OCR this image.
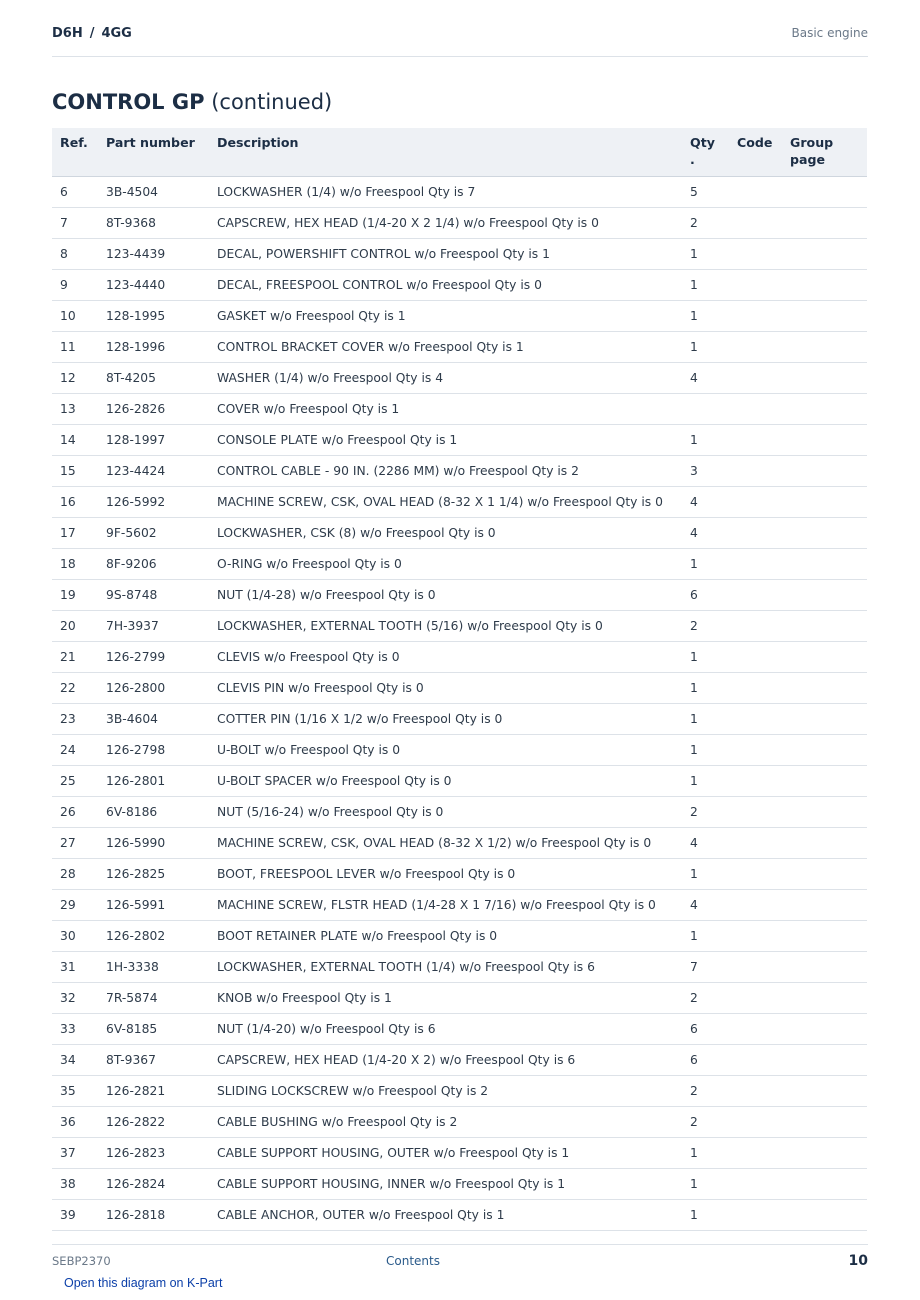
D6H / 4GG	Basic engine
CONTROL GP (continued)
Ref.	Part number	Description	Qty .	Code	Group page
6	3B-4504	LOCKWASHER (1/4) w/o Freespool Qty is 7	5		
7	8T-9368	CAPSCREW, HEX HEAD (1/4-20 X 2 1/4) w/o Freespool Qty is 0	2		
8	123-4439	DECAL, POWERSHIFT CONTROL w/o Freespool Qty is 1	1		
9	123-4440	DECAL, FREESPOOL CONTROL w/o Freespool Qty is 0	1		
10	128-1995	GASKET w/o Freespool Qty is 1	1		
11	128-1996	CONTROL BRACKET COVER w/o Freespool Qty is 1	1		
12	8T-4205	WASHER (1/4) w/o Freespool Qty is 4	4		
13	126-2826	COVER w/o Freespool Qty is 1			
14	128-1997	CONSOLE PLATE w/o Freespool Qty is 1	1		
15	123-4424	CONTROL CABLE - 90 IN. (2286 MM) w/o Freespool Qty is 2	3		
16	126-5992	MACHINE SCREW, CSK, OVAL HEAD (8-32 X 1 1/4) w/o Freespool Qty is 0	4		
17	9F-5602	LOCKWASHER, CSK (8) w/o Freespool Qty is 0	4		
18	8F-9206	O-RING w/o Freespool Qty is 0	1		
19	9S-8748	NUT (1/4-28) w/o Freespool Qty is 0	6		
20	7H-3937	LOCKWASHER, EXTERNAL TOOTH (5/16) w/o Freespool Qty is 0	2		
21	126-2799	CLEVIS w/o Freespool Qty is 0	1		
22	126-2800	CLEVIS PIN w/o Freespool Qty is 0	1		
23	3B-4604	COTTER PIN (1/16 X 1/2 w/o Freespool Qty is 0	1		
24	126-2798	U-BOLT w/o Freespool Qty is 0	1		
25	126-2801	U-BOLT SPACER w/o Freespool Qty is 0	1		
26	6V-8186	NUT (5/16-24) w/o Freespool Qty is 0	2		
27	126-5990	MACHINE SCREW, CSK, OVAL HEAD (8-32 X 1/2) w/o Freespool Qty is 0	4		
28	126-2825	BOOT, FREESPOOL LEVER w/o Freespool Qty is 0	1		
29	126-5991	MACHINE SCREW, FLSTR HEAD (1/4-28 X 1 7/16) w/o Freespool Qty is 0	4		
30	126-2802	BOOT RETAINER PLATE w/o Freespool Qty is 0	1		
31	1H-3338	LOCKWASHER, EXTERNAL TOOTH (1/4) w/o Freespool Qty is 6	7		
32	7R-5874	KNOB w/o Freespool Qty is 1	2		
33	6V-8185	NUT (1/4-20) w/o Freespool Qty is 6	6		
34	8T-9367	CAPSCREW, HEX HEAD (1/4-20 X 2) w/o Freespool Qty is 6	6		
35	126-2821	SLIDING LOCKSCREW w/o Freespool Qty is 2	2		
36	126-2822	CABLE BUSHING w/o Freespool Qty is 2	2		
37	126-2823	CABLE SUPPORT HOUSING, OUTER w/o Freespool Qty is 1	1		
38	126-2824	CABLE SUPPORT HOUSING, INNER w/o Freespool Qty is 1	1		
39	126-2818	CABLE ANCHOR, OUTER w/o Freespool Qty is 1	1		
SEBP2370	Contents	10
Open this diagram on K-Part
